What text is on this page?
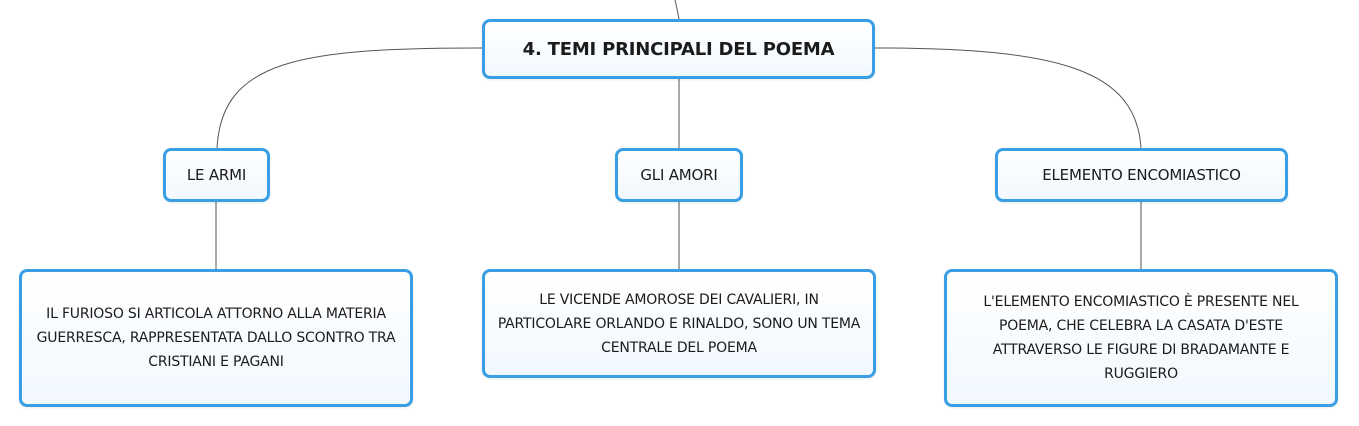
4. TEMI PRINCIPALI DEL POEMA
LE ARMI	GLI AMORI	ELEMENTO ENCOMIASTICO
IL FURIOSO SI ARTICOLA ATTORNO ALLA MATERIA GUERRESCA, RAPPRESENTATA DALLO SCONTRO TRA CRISTIANI E PAGANI
LE VICENDE AMOROSE DEI CAVALIERI, IN PARTICOLARE ORLANDO E RINALDO, SONO UN TEMA CENTRALE DEL POEMA
L'ELEMENTO ENCOMIASTICO È PRESENTE NEL POEMA, CHE CELEBRA LA CASATA D'ESTE ATTRAVERSO LE FIGURE DI BRADAMANTE E RUGGIERO
